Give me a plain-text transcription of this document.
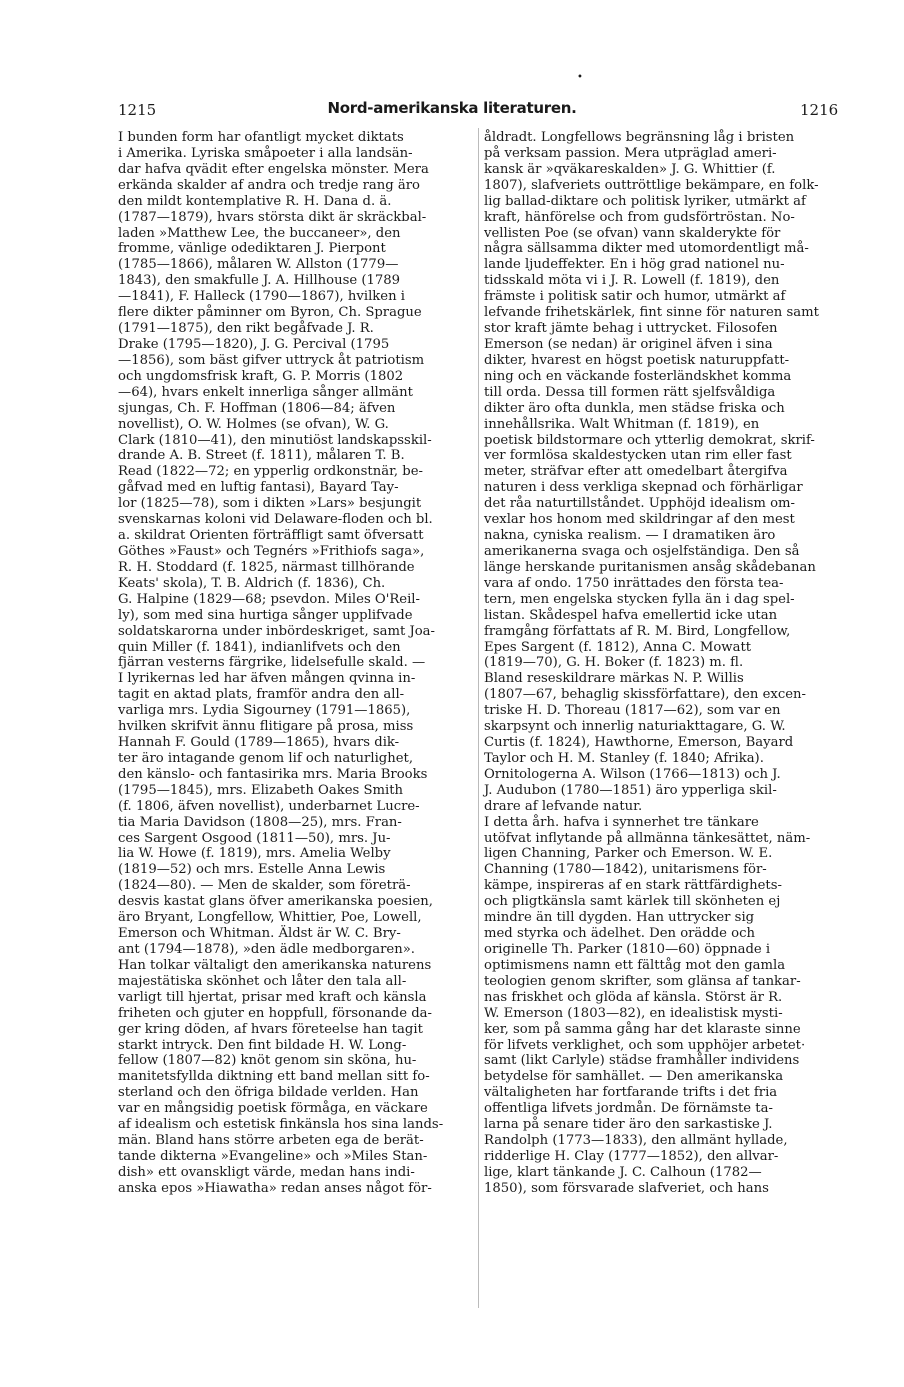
•
1215	Nord-amerikanska literaturen.	1216
I bunden form har ofantligt mycket diktats
i Amerika. Lyriska småpoeter i alla landsän-
dar hafva qvädit efter engelska mönster. Mera
erkända skalder af andra och tredje rang äro
den mildt kontemplative R. H. Dana d. ä.
(1787—1879), hvars största dikt är skräckbal-
laden »Matthew Lee, the buccaneer», den
fromme, vänlige odediktaren J. Pierpont
(1785—1866), målaren W. Allston (1779—
1843), den smakfulle J. A. Hillhouse (1789
—1841), F. Halleck (1790—1867), hvilken i
flere dikter påminner om Byron, Ch. Sprague
(1791—1875), den rikt begåfvade J. R.
Drake (1795—1820), J. G. Percival (1795
—1856), som bäst gifver uttryck åt patriotism
och ungdomsfrisk kraft, G. P. Morris (1802
—64), hvars enkelt innerliga sånger allmänt
sjungas, Ch. F. Hoffman (1806—84; äfven
novellist), O. W. Holmes (se ofvan), W. G.
Clark (1810—41), den minutiöst landskapsskil-
drande A. B. Street (f. 1811), målaren T. B.
Read (1822—72; en ypperlig ordkonstnär, be-
gåfvad med en luftig fantasi), Bayard Tay-
lor (1825—78), som i dikten »Lars» besjungit
svenskarnas koloni vid Delaware-floden och bl.
a. skildrat Orienten förträffligt samt öfversatt
Göthes »Faust» och Tegnérs »Frithiofs saga»,
R. H. Stoddard (f. 1825, närmast tillhörande
Keats' skola), T. B. Aldrich (f. 1836), Ch.
G. Halpine (1829—68; psevdon. Miles O'Reil-
ly), som med sina hurtiga sånger upplifvade
soldatskarorna under inbördeskriget, samt Joa-
quin Miller (f. 1841), indianlifvets och den
fjärran vesterns färgrike, lidelsefulle skald. —
I lyrikernas led har äfven mången qvinna in-
tagit en aktad plats, framför andra den all-
varliga mrs. Lydia Sigourney (1791—1865),
hvilken skrifvit ännu flitigare på prosa, miss
Hannah F. Gould (1789—1865), hvars dik-
ter äro intagande genom lif och naturlighet,
den känslo- och fantasirika mrs. Maria Brooks
(1795—1845), mrs. Elizabeth Oakes Smith
(f. 1806, äfven novellist), underbarnet Lucre-
tia Maria Davidson (1808—25), mrs. Fran-
ces Sargent Osgood (1811—50), mrs. Ju-
lia W. Howe (f. 1819), mrs. Amelia Welby
(1819—52) och mrs. Estelle Anna Lewis
(1824—80). — Men de skalder, som företrä-
desvis kastat glans öfver amerikanska poesien,
äro Bryant, Longfellow, Whittier, Poe, Lowell,
Emerson och Whitman. Äldst är W. C. Bry-
ant (1794—1878), »den ädle medborgaren».
Han tolkar vältaligt den amerikanska naturens
majestätiska skönhet och låter den tala all-
varligt till hjertat, prisar med kraft och känsla
friheten och gjuter en hoppfull, försonande da-
ger kring döden, af hvars företeelse han tagit
starkt intryck. Den fint bildade H. W. Long-
fellow (1807—82) knöt genom sin sköna, hu-
manitetsfyllda diktning ett band mellan sitt fo-
sterland och den öfriga bildade verlden. Han
var en mångsidig poetisk förmåga, en väckare
af idealism och estetisk finkänsla hos sina lands-
män. Bland hans större arbeten ega de berät-
tande dikterna »Evangeline» och »Miles Stan-
dish» ett ovanskligt värde, medan hans indi-
anska epos »Hiawatha» redan anses något för-
åldradt. Longfellows begränsning låg i bristen
på verksam passion. Mera utpräglad ameri-
kansk är »qväkareskalden» J. G. Whittier (f.
1807), slafveriets outtröttlige bekämpare, en folk-
lig ballad-diktare och politisk lyriker, utmärkt af
kraft, hänförelse och from gudsförtröstan. No-
vellisten Poe (se ofvan) vann skalderykte för
några sällsamma dikter med utomordentligt må-
lande ljudeffekter. En i hög grad nationel nu-
tidsskald möta vi i J. R. Lowell (f. 1819), den
främste i politisk satir och humor, utmärkt af
lefvande frihetskärlek, fint sinne för naturen samt
stor kraft jämte behag i uttrycket. Filosofen
Emerson (se nedan) är originel äfven i sina
dikter, hvarest en högst poetisk naturuppfatt-
ning och en väckande fosterländskhet komma
till orda. Dessa till formen rätt sjelfsvåldiga
dikter äro ofta dunkla, men städse friska och
innehållsrika. Walt Whitman (f. 1819), en
poetisk bildstormare och ytterlig demokrat, skrif-
ver formlösa skaldestycken utan rim eller fast
meter, sträfvar efter att omedelbart återgifva
naturen i dess verkliga skepnad och förhärligar
det råa naturtillståndet. Upphöjd idealism om-
vexlar hos honom med skildringar af den mest
nakna, cyniska realism. — I dramatiken äro
amerikanerna svaga och osjelfständiga. Den så
länge herskande puritanismen ansåg skådebanan
vara af ondo. 1750 inrättades den första tea-
tern, men engelska stycken fylla än i dag spel-
listan. Skådespel hafva emellertid icke utan
framgång författats af R. M. Bird, Longfellow,
Epes Sargent (f. 1812), Anna C. Mowatt
(1819—70), G. H. Boker (f. 1823) m. fl.
Bland reseskildrare märkas N. P. Willis
(1807—67, behaglig skissförfattare), den excen-
triske H. D. Thoreau (1817—62), som var en
skarpsynt och innerlig naturiakttagare, G. W.
Curtis (f. 1824), Hawthorne, Emerson, Bayard
Taylor och H. M. Stanley (f. 1840; Afrika).
Ornitologerna A. Wilson (1766—1813) och J.
J. Audubon (1780—1851) äro ypperliga skil-
drare af lefvande natur.
I detta årh. hafva i synnerhet tre tänkare
utöfvat inflytande på allmänna tänkesättet, näm-
ligen Channing, Parker och Emerson. W. E.
Channing (1780—1842), unitarismens för-
kämpe, inspireras af en stark rättfärdighets-
och pligtkänsla samt kärlek till skönheten ej
mindre än till dygden. Han uttrycker sig
med styrka och ädelhet. Den orädde och
originelle Th. Parker (1810—60) öppnade i
optimismens namn ett fälttåg mot den gamla
teologien genom skrifter, som glänsa af tankar-
nas friskhet och glöda af känsla. Störst är R.
W. Emerson (1803—82), en idealistisk mysti-
ker, som på samma gång har det klaraste sinne
för lifvets verklighet, och som upphöjer arbetet·
samt (likt Carlyle) städse framhåller individens
betydelse för samhället. — Den amerikanska
vältaligheten har fortfarande trifts i det fria
offentliga lifvets jordmån. De förnämste ta-
larna på senare tider äro den sarkastiske J.
Randolph (1773—1833), den allmänt hyllade,
ridderlige H. Clay (1777—1852), den allvar-
lige, klart tänkande J. C. Calhoun (1782—
1850), som försvarade slafveriet, och hans
